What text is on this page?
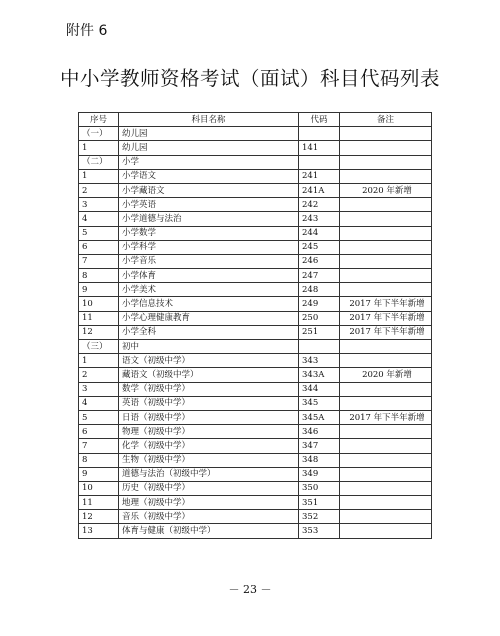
附件 6
中小学教师资格考试（面试）科目代码列表
序号	科目名称	代码	备注
（一）	幼儿园		
1	幼儿园	141	
（二）	小学		
1	小学语文	241	
2	小学藏语文	241A	2020 年新增
3	小学英语	242	
4	小学道德与法治	243	
5	小学数学	244	
6	小学科学	245	
7	小学音乐	246	
8	小学体育	247	
9	小学美术	248	
10	小学信息技术	249	2017 年下半年新增
11	小学心理健康教育	250	2017 年下半年新增
12	小学全科	251	2017 年下半年新增
（三）	初中		
1	语文（初级中学）	343	
2	藏语文（初级中学）	343A	2020 年新增
3	数学（初级中学）	344	
4	英语（初级中学）	345	
5	日语（初级中学）	345A	2017 年下半年新增
6	物理（初级中学）	346	
7	化学（初级中学）	347	
8	生物（初级中学）	348	
9	道德与法治（初级中学）	349	
10	历史（初级中学）	350	
11	地理（初级中学）	351	
12	音乐（初级中学）	352	
13	体育与健康（初级中学）	353	
－ 23 －
